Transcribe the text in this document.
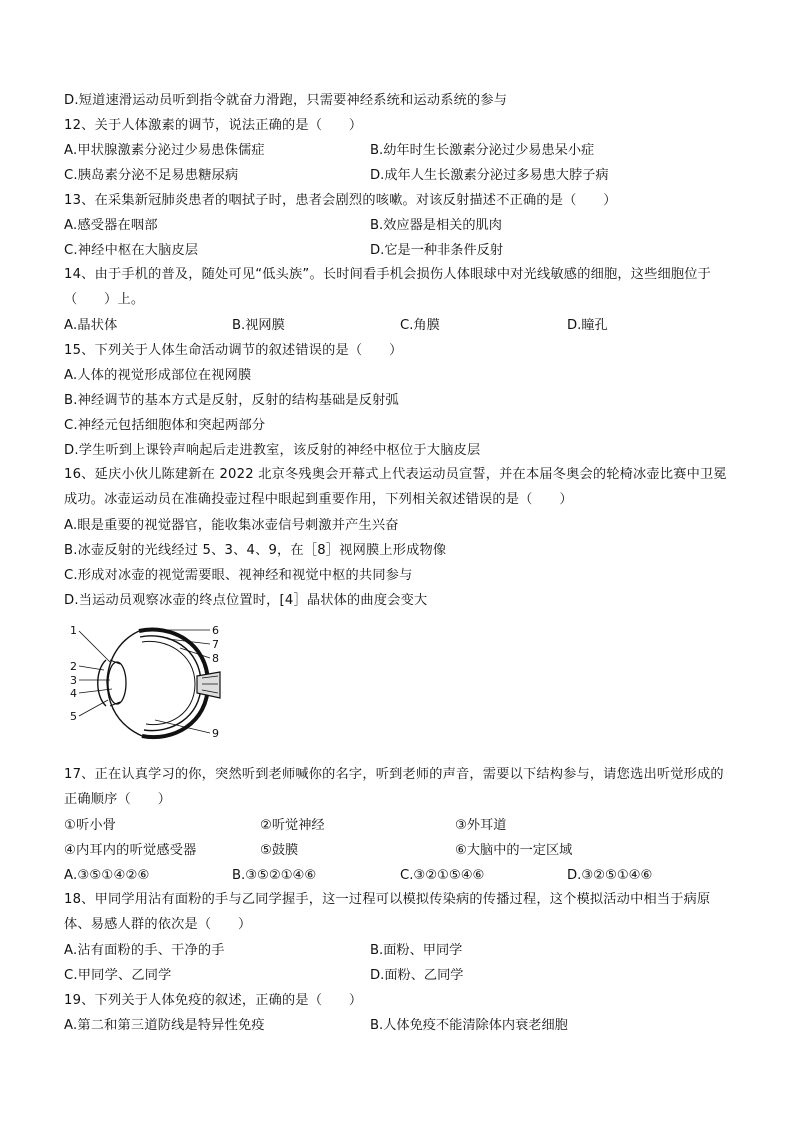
D.短道速滑运动员听到指令就奋力滑跑，只需要神经系统和运动系统的参与
12、关于人体激素的调节，说法正确的是（　　）
A.甲状腺激素分泌过少易患侏儒症	B.幼年时生长激素分泌过少易患呆小症
C.胰岛素分泌不足易患糖尿病	D.成年人生长激素分泌过多易患大脖子病
13、在采集新冠肺炎患者的咽拭子时，患者会剧烈的咳嗽。对该反射描述不正确的是（　　）
A.感受器在咽部	B.效应器是相关的肌肉
C.神经中枢在大脑皮层	D.它是一种非条件反射
14、由于手机的普及，随处可见“低头族”。长时间看手机会损伤人体眼球中对光线敏感的细胞，这些细胞位于（　　）上。
A.晶状体	B.视网膜	C.角膜	D.瞳孔
15、下列关于人体生命活动调节的叙述错误的是（　　）
A.人体的视觉形成部位在视网膜
B.神经调节的基本方式是反射，反射的结构基础是反射弧
C.神经元包括细胞体和突起两部分
D.学生听到上课铃声响起后走进教室，该反射的神经中枢位于大脑皮层
16、延庆小伙儿陈建新在 2022 北京冬残奥会开幕式上代表运动员宣誓，并在本届冬奥会的轮椅冰壶比赛中卫冕成功。冰壶运动员在准确投壶过程中眼起到重要作用，下列相关叙述错误的是（　　）
A.眼是重要的视觉器官，能收集冰壶信号刺激并产生兴奋
B.冰壶反射的光线经过 5、3、4、9，在［8］视网膜上形成物像
C.形成对冰壶的视觉需要眼、视神经和视觉中枢的共同参与
D.当运动员观察冰壶的终点位置时，[4］晶状体的曲度会变大
1
2
3
4
5
6
7
8
9
17、正在认真学习的你，突然听到老师喊你的名字，听到老师的声音，需要以下结构参与，请您选出听觉形成的正确顺序（　　）
①听小骨	②听觉神经	③外耳道
④内耳内的听觉感受器	⑤鼓膜	⑥大脑中的一定区域
A.③⑤①④②⑥	B.③⑤②①④⑥	C.③②①⑤④⑥	D.③②⑤①④⑥
18、甲同学用沾有面粉的手与乙同学握手，这一过程可以模拟传染病的传播过程，这个模拟活动中相当于病原体、易感人群的依次是（　　）
A.沾有面粉的手、干净的手	B.面粉、甲同学
C.甲同学、乙同学	D.面粉、乙同学
19、下列关于人体免疫的叙述，正确的是（　　）
A.第二和第三道防线是特异性免疫	B.人体免疫不能清除体内衰老细胞
